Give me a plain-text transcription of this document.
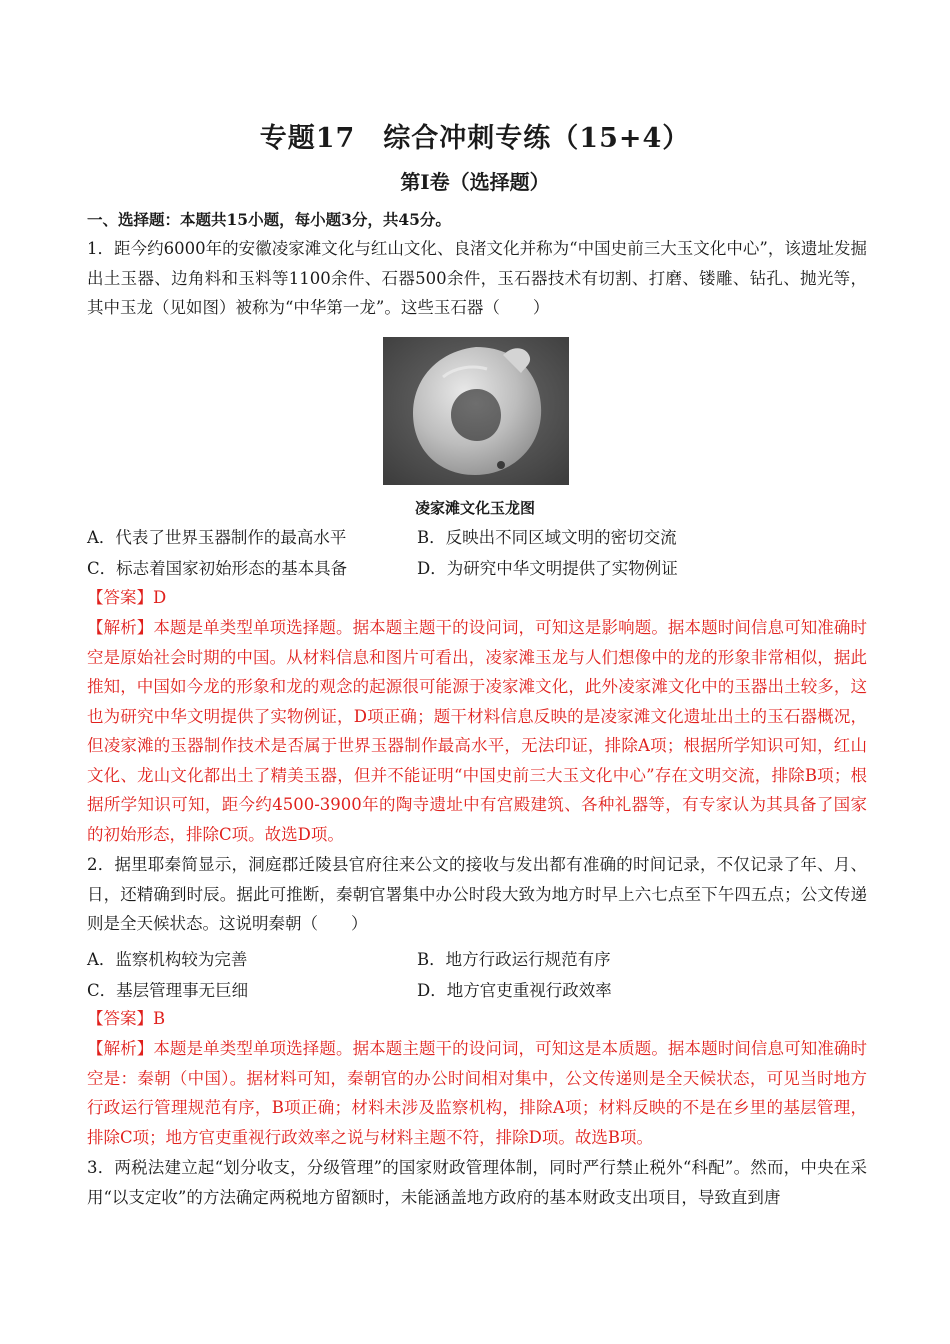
专题17　综合冲刺专练（15+4）
第I卷（选择题）
一、选择题：本题共15小题，每小题3分，共45分。
1．距今约6000年的安徽凌家滩文化与红山文化、良渚文化并称为“中国史前三大玉文化中心”，该遗址发掘出土玉器、边角料和玉料等1100余件、石器500余件，玉石器技术有切割、打磨、镂雕、钻孔、抛光等，其中玉龙（见如图）被称为“中华第一龙”。这些玉石器（　　）
凌家滩文化玉龙图
A．代表了世界玉器制作的最高水平	B．反映出不同区域文明的密切交流
C．标志着国家初始形态的基本具备	D．为研究中华文明提供了实物例证
【答案】D
【解析】本题是单类型单项选择题。据本题主题干的设问词，可知这是影响题。据本题时间信息可知准确时空是原始社会时期的中国。从材料信息和图片可看出，凌家滩玉龙与人们想像中的龙的形象非常相似，据此推知，中国如今龙的形象和龙的观念的起源很可能源于凌家滩文化，此外凌家滩文化中的玉器出土较多，这也为研究中华文明提供了实物例证，D项正确；题干材料信息反映的是凌家滩文化遗址出土的玉石器概况，但凌家滩的玉器制作技术是否属于世界玉器制作最高水平，无法印证，排除A项；根据所学知识可知，红山文化、龙山文化都出土了精美玉器，但并不能证明“中国史前三大玉文化中心”存在文明交流，排除B项；根据所学知识可知，距今约4500-3900年的陶寺遗址中有宫殿建筑、各种礼器等，有专家认为其具备了国家的初始形态，排除C项。故选D项。
2．据里耶秦简显示，洞庭郡迁陵县官府往来公文的接收与发出都有准确的时间记录，不仅记录了年、月、日，还精确到时辰。据此可推断，秦朝官署集中办公时段大致为地方时早上六七点至下午四五点；公文传递则是全天候状态。这说明秦朝（　　）
A．监察机构较为完善	B．地方行政运行规范有序
C．基层管理事无巨细	D．地方官吏重视行政效率
【答案】B
【解析】本题是单类型单项选择题。据本题主题干的设问词，可知这是本质题。据本题时间信息可知准确时空是：秦朝（中国）。据材料可知，秦朝官的办公时间相对集中，公文传递则是全天候状态，可见当时地方行政运行管理规范有序，B项正确；材料未涉及监察机构，排除A项；材料反映的不是在乡里的基层管理，排除C项；地方官吏重视行政效率之说与材料主题不符，排除D项。故选B项。
3．两税法建立起“划分收支，分级管理”的国家财政管理体制，同时严行禁止税外“科配”。然而，中央在采用“以支定收”的方法确定两税地方留额时，未能涵盖地方政府的基本财政支出项目，导致直到唐
